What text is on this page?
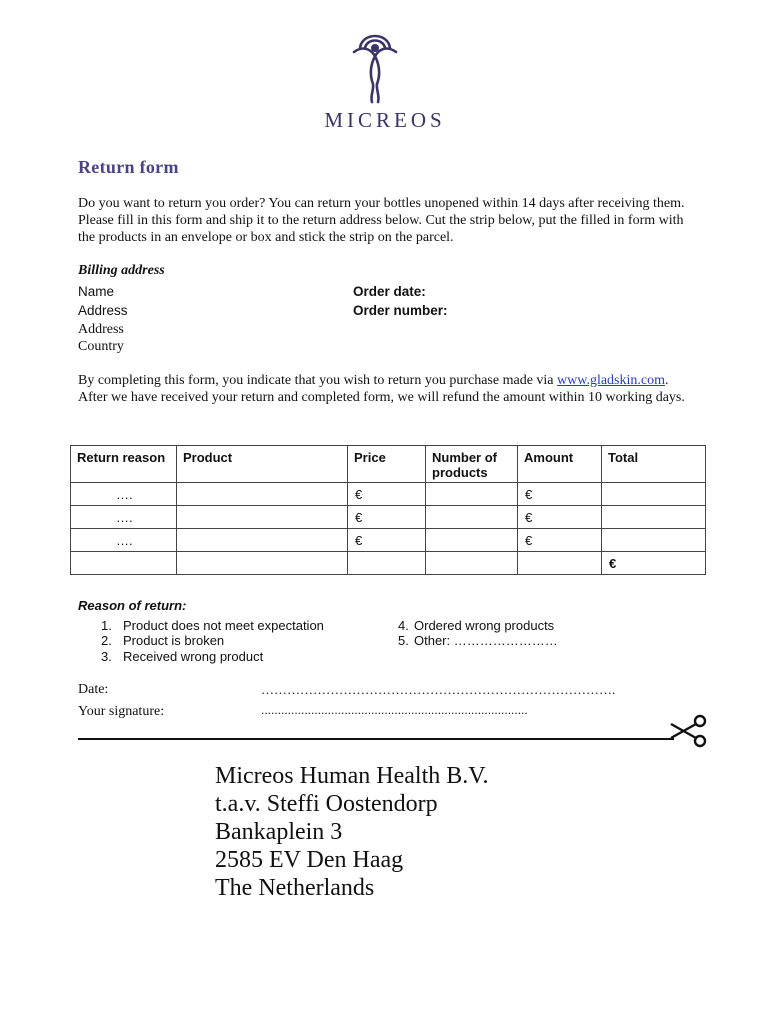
MICREOS
Return form
Do you want to return you order? You can return your bottles unopened within 14 days after receiving them. Please fill in this form and ship it to the return address below. Cut the strip below, put the filled in form with the products in an envelope or box and stick the strip on the parcel.
Billing address
Name
Address
Address
Country
Order date:
Order number:
By completing this form, you indicate that you wish to return you purchase made via www.gladskin.com. After we have received your return and completed form, we will refund the amount within 10 working days.
Return reason	Product	Price	Number of products	Amount	Total
….		€		€	
….		€		€	
….		€		€	
					€
Reason of return:
1. Product does not meet expectation
2. Product is broken
3. Received wrong product
4. Ordered wrong products
5. Other: ……………………
Date:	……………………………………………………………………….
Your signature:	................................................................................
Micreos Human Health B.V.
t.a.v. Steffi Oostendorp
Bankaplein 3
2585 EV Den Haag
The Netherlands
